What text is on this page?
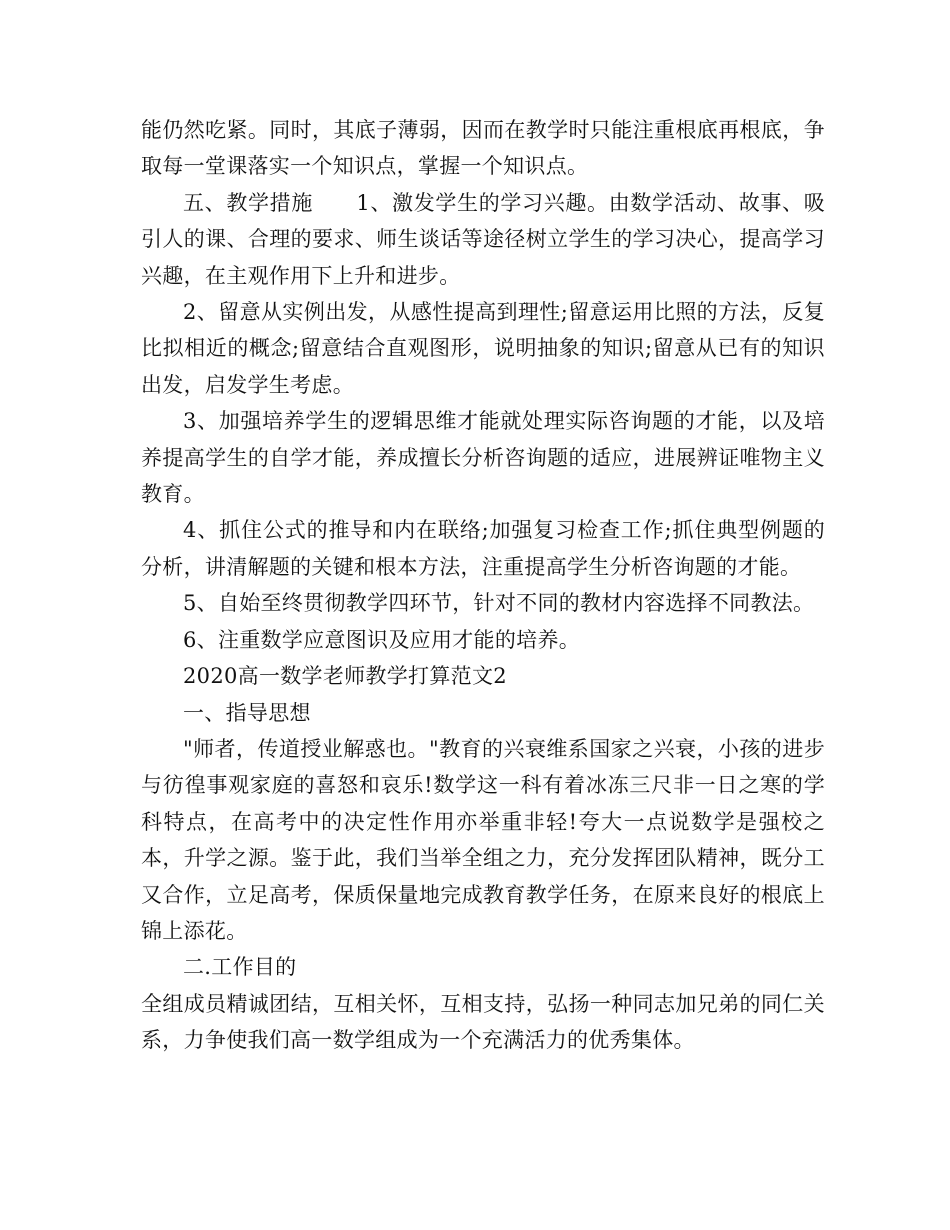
能仍然吃紧。同时，其底子薄弱，因而在教学时只能注重根底再根底，争取每一堂课落实一个知识点，掌握一个知识点。

五、教学措施　　1、激发学生的学习兴趣。由数学活动、故事、吸引人的课、合理的要求、师生谈话等途径树立学生的学习决心，提高学习兴趣，在主观作用下上升和进步。

2、留意从实例出发，从感性提高到理性;留意运用比照的方法，反复比拟相近的概念;留意结合直观图形，说明抽象的知识;留意从已有的知识出发，启发学生考虑。

3、加强培养学生的逻辑思维才能就处理实际咨询题的才能，以及培养提高学生的自学才能，养成擅长分析咨询题的适应，进展辨证唯物主义教育。

4、抓住公式的推导和内在联络;加强复习检查工作;抓住典型例题的分析，讲清解题的关键和根本方法，注重提高学生分析咨询题的才能。

5、自始至终贯彻教学四环节，针对不同的教材内容选择不同教法。

6、注重数学应意图识及应用才能的培养。

2020高一数学老师教学打算范文2

一、指导思想

"师者，传道授业解惑也。"教育的兴衰维系国家之兴衰，小孩的进步与彷徨事观家庭的喜怒和哀乐!数学这一科有着冰冻三尺非一日之寒的学科特点，在高考中的决定性作用亦举重非轻!夸大一点说数学是强校之本，升学之源。鉴于此，我们当举全组之力，充分发挥团队精神，既分工又合作，立足高考，保质保量地完成教育教学任务，在原来良好的根底上锦上添花。

二.工作目的

全组成员精诚团结，互相关怀，互相支持，弘扬一种同志加兄弟的同仁关系，力争使我们高一数学组成为一个充满活力的优秀集体。
